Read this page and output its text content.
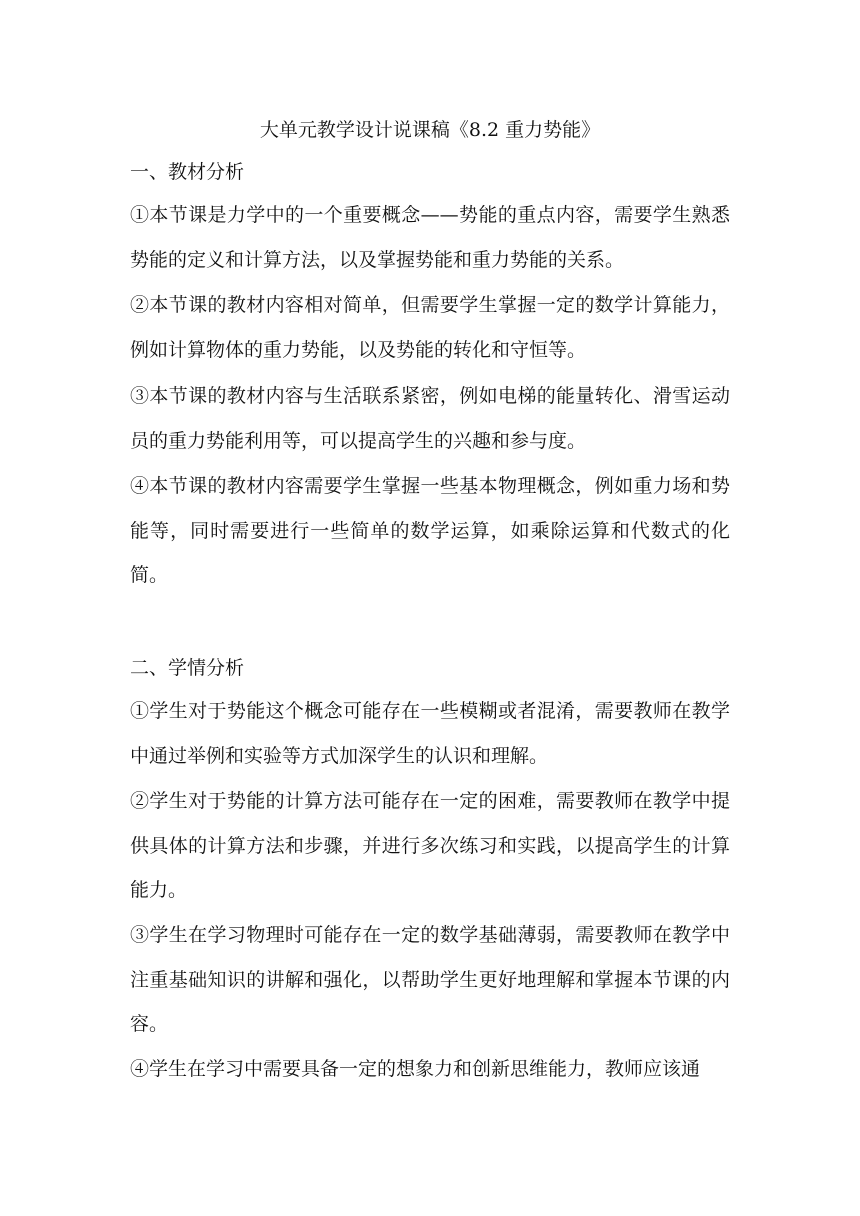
大单元教学设计说课稿《8.2 重力势能》
一、教材分析
①本节课是力学中的一个重要概念——势能的重点内容，需要学生熟悉势能的定义和计算方法，以及掌握势能和重力势能的关系。
②本节课的教材内容相对简单，但需要学生掌握一定的数学计算能力，例如计算物体的重力势能，以及势能的转化和守恒等。
③本节课的教材内容与生活联系紧密，例如电梯的能量转化、滑雪运动员的重力势能利用等，可以提高学生的兴趣和参与度。
④本节课的教材内容需要学生掌握一些基本物理概念，例如重力场和势能等，同时需要进行一些简单的数学运算，如乘除运算和代数式的化简。
二、学情分析
①学生对于势能这个概念可能存在一些模糊或者混淆，需要教师在教学中通过举例和实验等方式加深学生的认识和理解。
②学生对于势能的计算方法可能存在一定的困难，需要教师在教学中提供具体的计算方法和步骤，并进行多次练习和实践，以提高学生的计算能力。
③学生在学习物理时可能存在一定的数学基础薄弱，需要教师在教学中注重基础知识的讲解和强化，以帮助学生更好地理解和掌握本节课的内容。
④学生在学习中需要具备一定的想象力和创新思维能力，教师应该通
